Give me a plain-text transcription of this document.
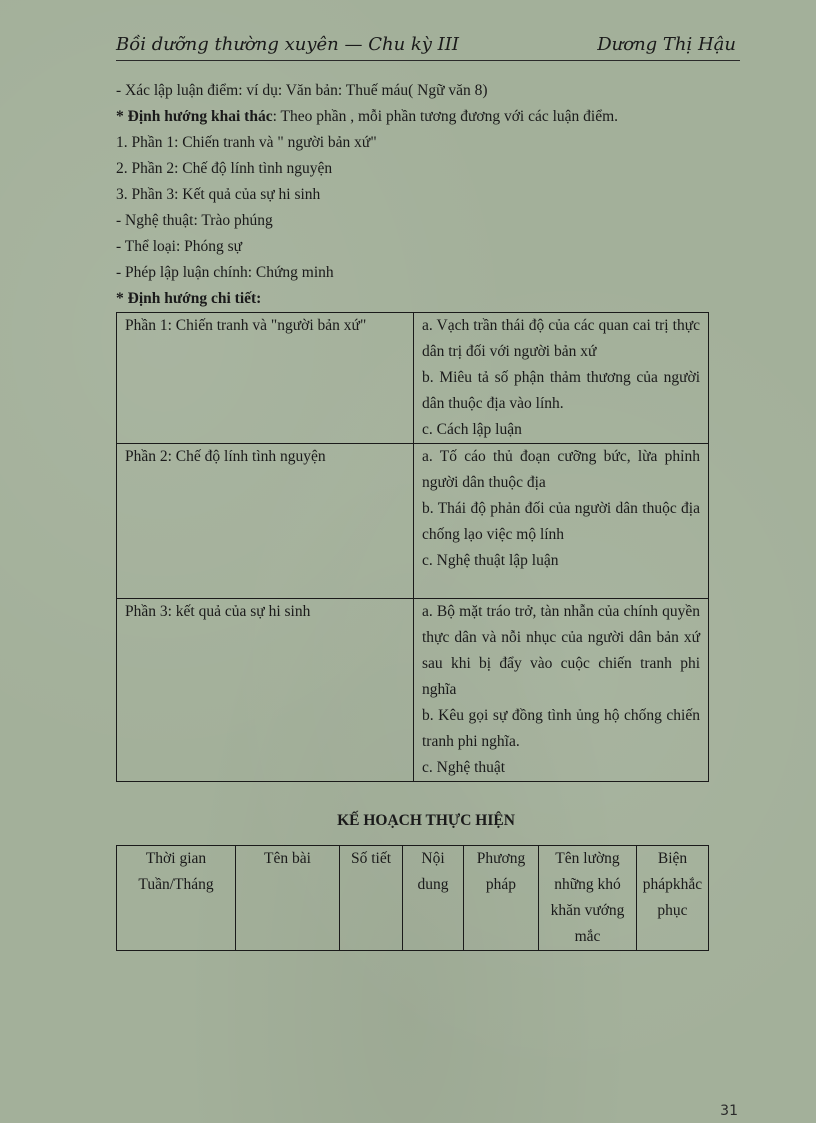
Bồi dưỡng thường xuyên — Chu kỳ III	Dương Thị Hậu

- Xác lập luận điểm: ví dụ: Văn bản: Thuế máu( Ngữ văn 8)

* Định hướng khai thác: Theo phần , mỗi phần tương đương với các luận điểm.

1. Phần 1: Chiến tranh và " người bản xứ"

2. Phần 2: Chế độ lính tình nguyện

3. Phần 3: Kết quả của sự hi sinh

- Nghệ thuật: Trào phúng

- Thể loại: Phóng sự

- Phép lập luận chính: Chứng minh

* Định hướng chi tiết:

Phần 1: Chiến tranh và "người bản xứ"	a. Vạch trần thái độ của các quan cai trị thực dân trị đối với người bản xứ
b. Miêu tả số phận thảm thương của người dân thuộc địa vào lính.
c. Cách lập luận

Phần 2: Chế độ lính tình nguyện	a. Tố cáo thủ đoạn cưỡng bức, lừa phỉnh người dân thuộc địa
b. Thái độ phản đối của người dân thuộc địa chống lạo việc mộ lính
c. Nghệ thuật lập luận

Phần 3: kết quả của sự hi sinh	a. Bộ mặt tráo trở, tàn nhẫn của chính quyền thực dân và nỗi nhục của người dân bản xứ sau khi bị đẩy vào cuộc chiến tranh phi nghĩa
b. Kêu gọi sự đồng tình ủng hộ chống chiến tranh phi nghĩa.
c. Nghệ thuật
KẾ HOẠCH THỰC HIỆN
Thời gian Tuần/Tháng	Tên bài	Số tiết	Nội dung	Phương pháp	Tên lường những khó khăn vướng mắc	Biện phápkhắc phục
31
